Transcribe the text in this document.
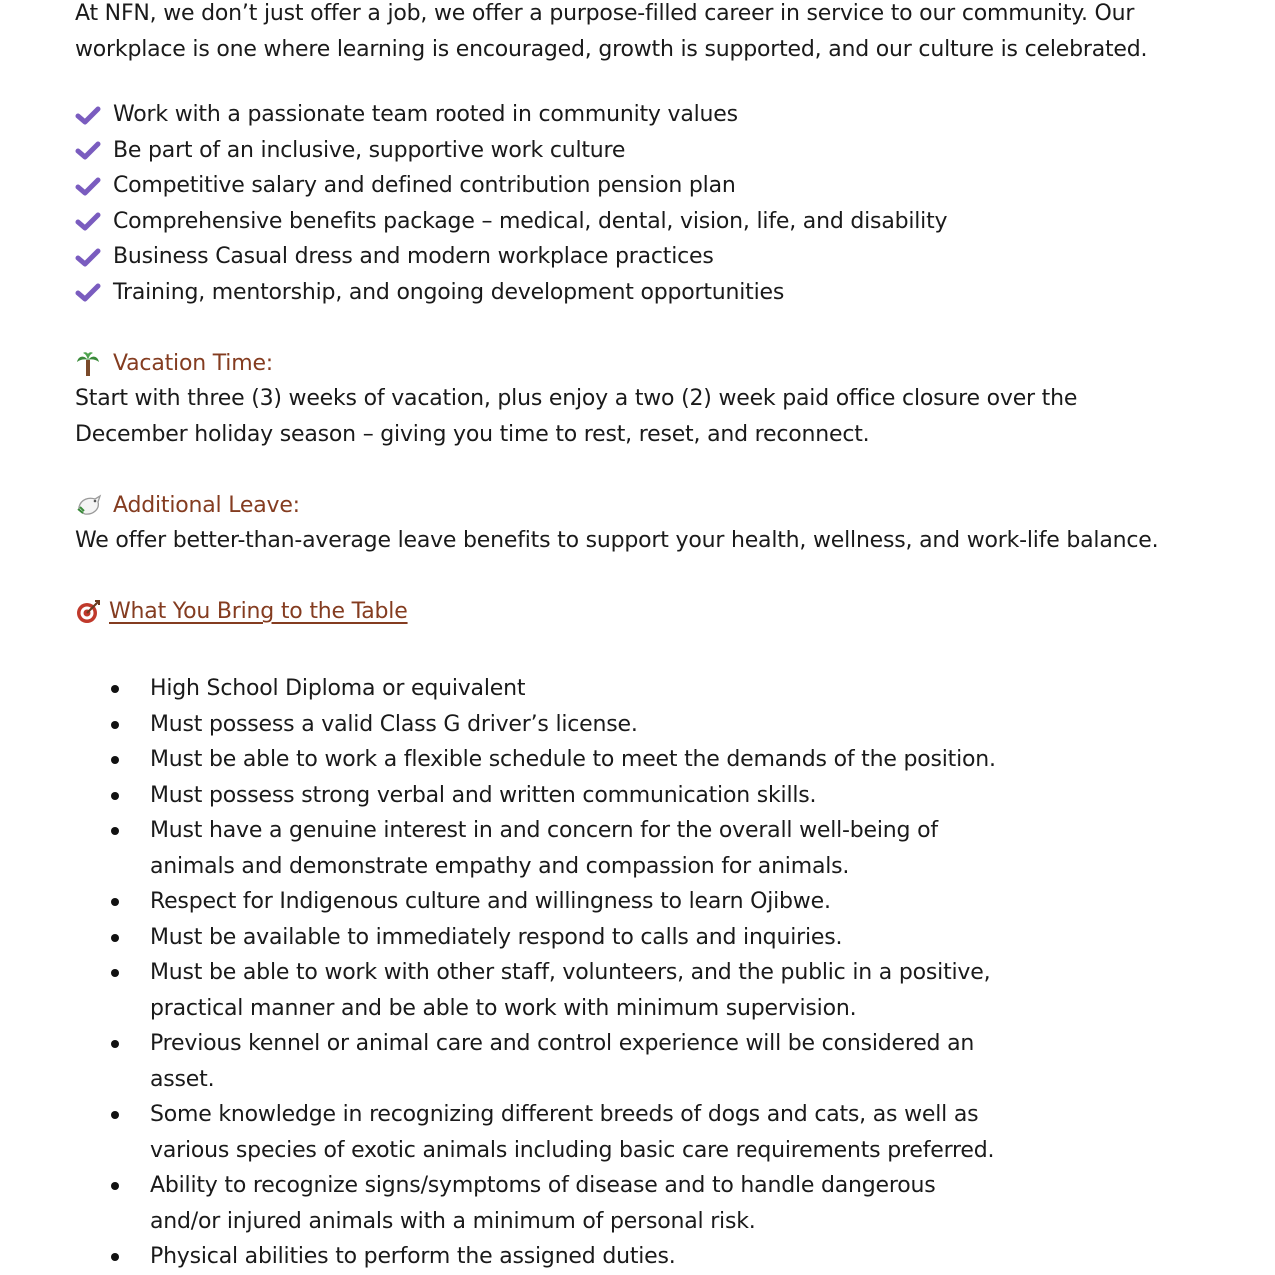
At NFN, we don’t just offer a job, we offer a purpose-filled career in service to our community. Our workplace is one where learning is encouraged, growth is supported, and our culture is celebrated.

Work with a passionate team rooted in community values
Be part of an inclusive, supportive work culture
Competitive salary and defined contribution pension plan
Comprehensive benefits package – medical, dental, vision, life, and disability
Business Casual dress and modern workplace practices
Training, mentorship, and ongoing development opportunities
Vacation Time:

Start with three (3) weeks of vacation, plus enjoy a two (2) week paid office closure over the December holiday season – giving you time to rest, reset, and reconnect.

Additional Leave:

We offer better-than-average leave benefits to support your health, wellness, and work-life balance.

What You Bring to the Table
High School Diploma or equivalent
Must possess a valid Class G driver’s license.
Must be able to work a flexible schedule to meet the demands of the position.
Must possess strong verbal and written communication skills.
Must have a genuine interest in and concern for the overall well-being of animals and demonstrate empathy and compassion for animals.
Respect for Indigenous culture and willingness to learn Ojibwe.
Must be available to immediately respond to calls and inquiries.
Must be able to work with other staff, volunteers, and the public in a positive, practical manner and be able to work with minimum supervision.
Previous kennel or animal care and control experience will be considered an asset.
Some knowledge in recognizing different breeds of dogs and cats, as well as various species of exotic animals including basic care requirements preferred.
Ability to recognize signs/symptoms of disease and to handle dangerous and/or injured animals with a minimum of personal risk.
Physical abilities to perform the assigned duties.
